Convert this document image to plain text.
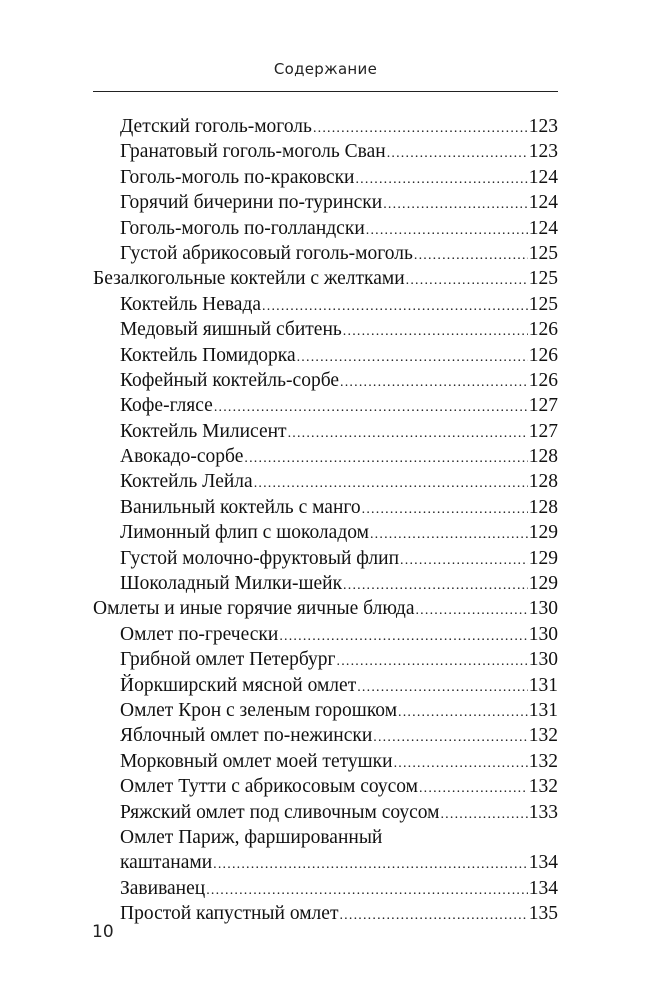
Содержание
Детский гоголь-моголь .....	123
Гранатовый гоголь-моголь Сван .....	123
Гоголь-моголь по-краковски .....	124
Горячий бичерини по-турински .....	124
Гоголь-моголь по-голландски .....	124
Густой абрикосовый гоголь-моголь .....	125
Безалкогольные коктейли с желтками .....	125
Коктейль Невада .....	125
Медовый яишный сбитень .....	126
Коктейль Помидорка .....	126
Кофейный коктейль-сорбе .....	126
Кофе-глясе .....	127
Коктейль Милисент .....	127
Авокадо-сорбе .....	128
Коктейль Лейла .....	128
Ванильный коктейль с манго .....	128
Лимонный флип с шоколадом .....	129
Густой молочно-фруктовый флип .....	129
Шоколадный Милки-шейк .....	129
Омлеты и иные горячие яичные блюда .....	130
Омлет по-гречески .....	130
Грибной омлет Петербург .....	130
Йоркширский мясной омлет .....	131
Омлет Крон с зеленым горошком .....	131
Яблочный омлет по-нежински .....	132
Морковный омлет моей тетушки .....	132
Омлет Тутти с абрикосовым соусом .....	132
Ряжский омлет под сливочным соусом .....	133
Омлет Париж, фаршированный
каштанами .....	134
Завиванец .....	134
Простой капустный омлет .....	135
10
